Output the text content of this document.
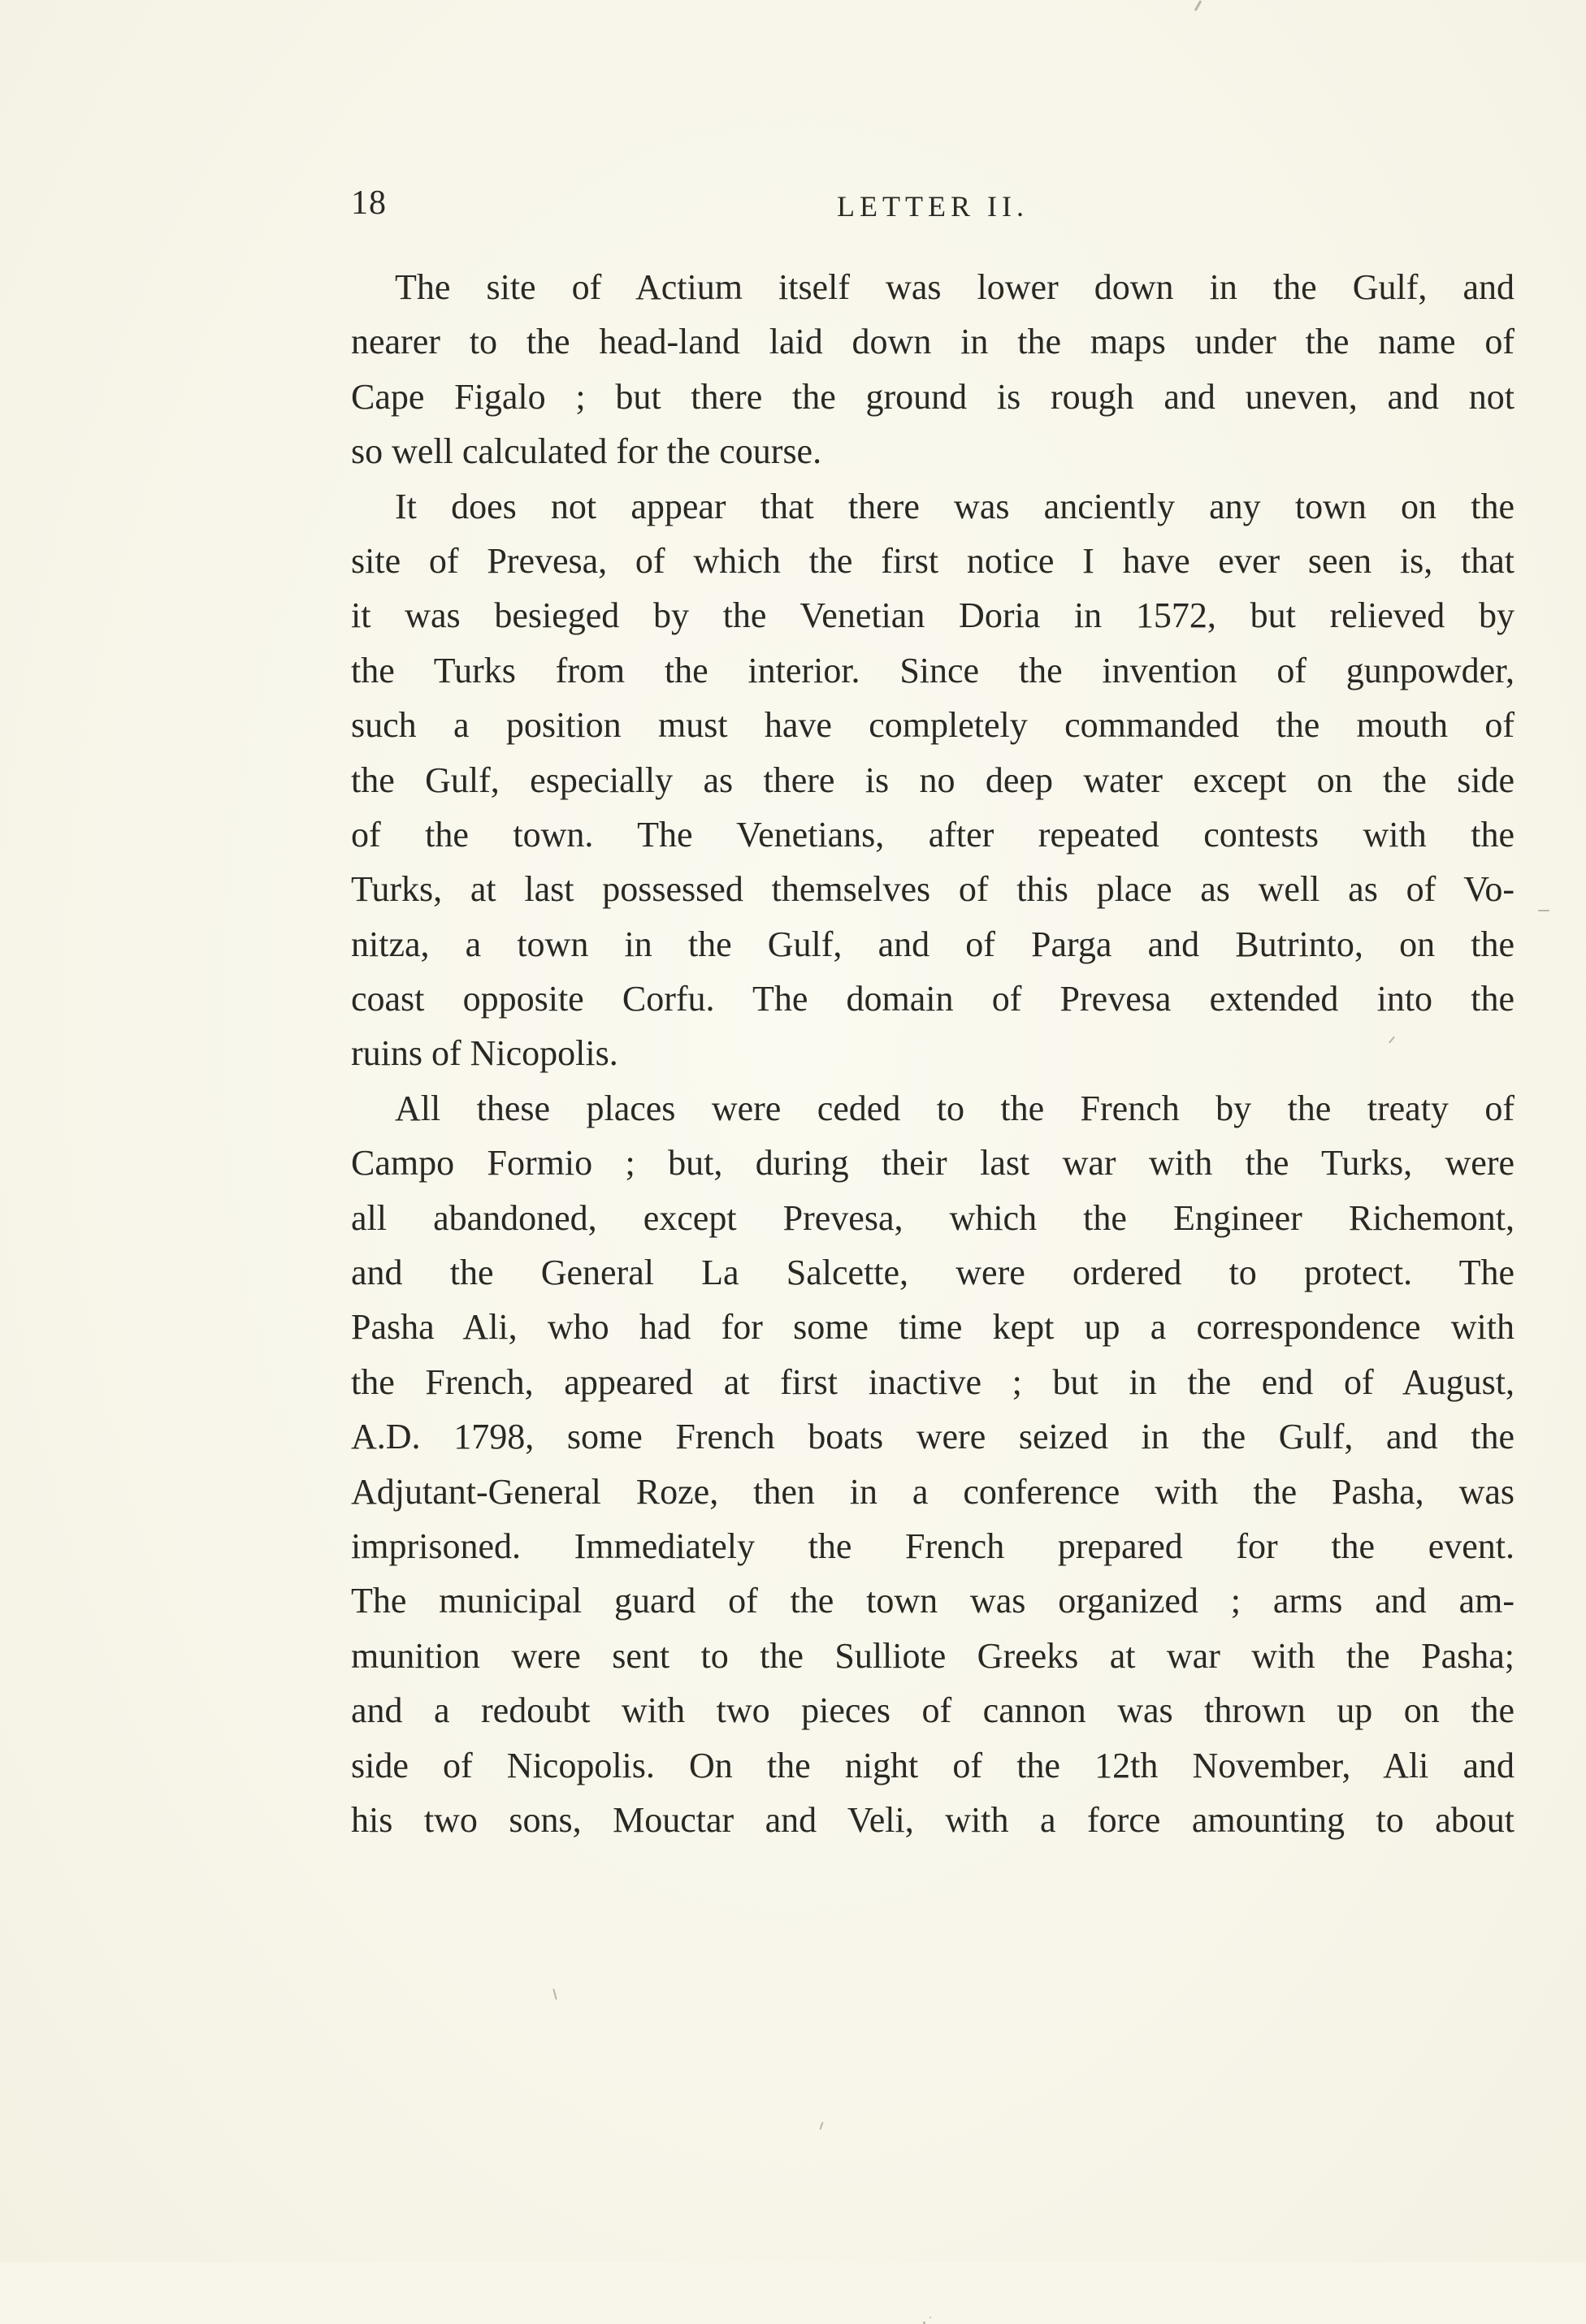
18	LETTER II.
The site of Actium itself was lower down in the Gulf, and
nearer to the head-land laid down in the maps under the name of
Cape Figalo ; but there the ground is rough and uneven, and not
so well calculated for the course.
It does not appear that there was anciently any town on the
site of Prevesa, of which the first notice I have ever seen is, that
it was besieged by the Venetian Doria in 1572, but relieved by
the Turks from the interior. Since the invention of gunpowder,
such a position must have completely commanded the mouth of
the Gulf, especially as there is no deep water except on the side
of the town. The Venetians, after repeated contests with the
Turks, at last possessed themselves of this place as well as of Vo-
nitza, a town in the Gulf, and of Parga and Butrinto, on the
coast opposite Corfu. The domain of Prevesa extended into the
ruins of Nicopolis.
All these places were ceded to the French by the treaty of
Campo Formio ; but, during their last war with the Turks, were
all abandoned, except Prevesa, which the Engineer Richemont,
and the General La Salcette, were ordered to protect. The
Pasha Ali, who had for some time kept up a correspondence with
the French, appeared at first inactive ; but in the end of August,
A.D. 1798, some French boats were seized in the Gulf, and the
Adjutant-General Roze, then in a conference with the Pasha, was
imprisoned. Immediately the French prepared for the event.
The municipal guard of the town was organized ; arms and am-
munition were sent to the Sulliote Greeks at war with the Pasha;
and a redoubt with two pieces of cannon was thrown up on the
side of Nicopolis. On the night of the 12th November, Ali and
his two sons, Mouctar and Veli, with a force amounting to about
